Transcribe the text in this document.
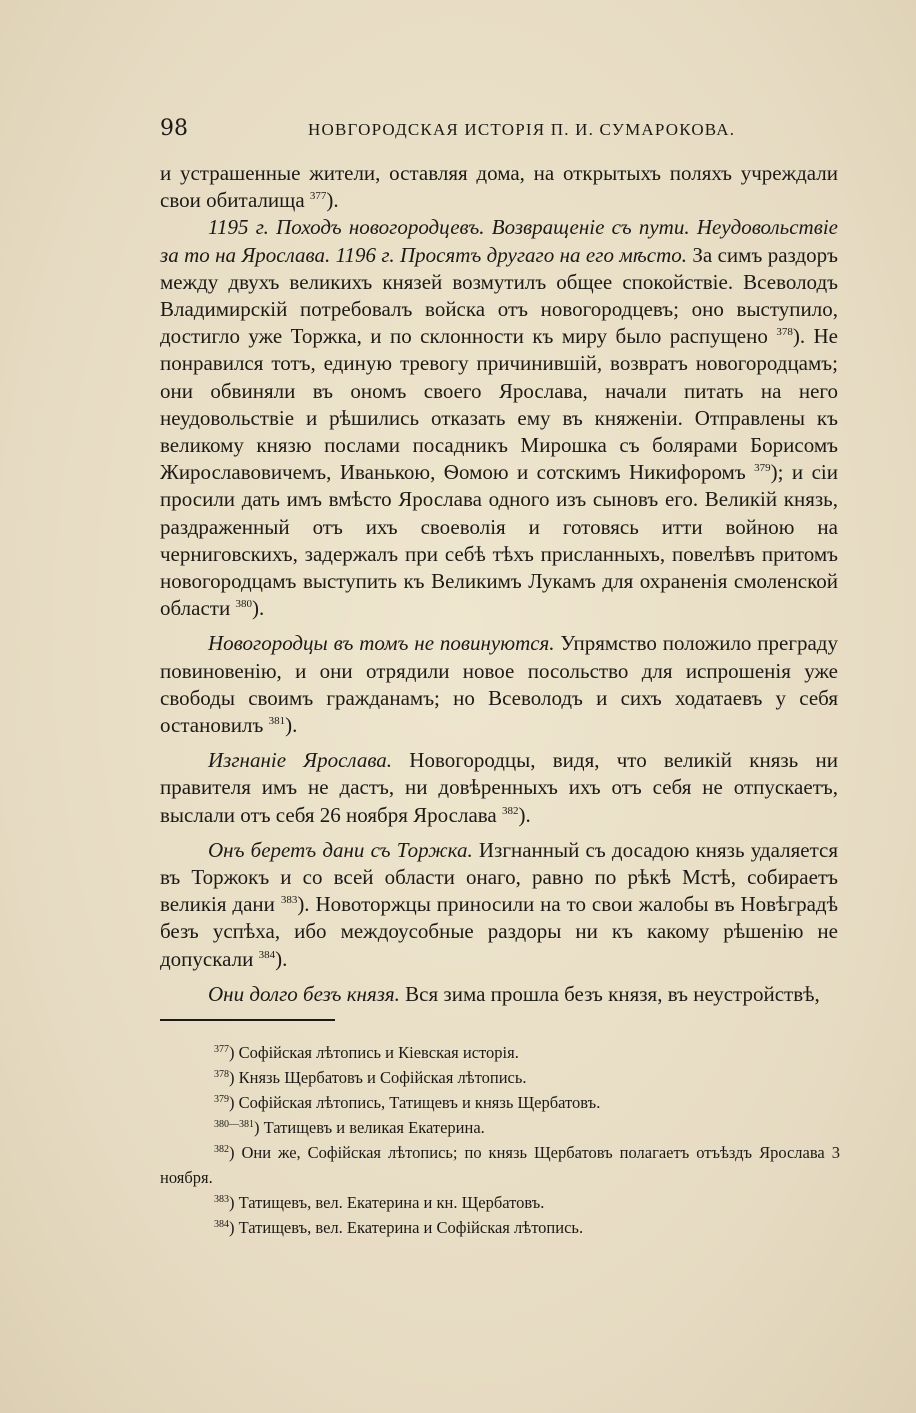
98	НОВГОРОДСКАЯ ИСТОРІЯ П. И. СУМАРОКОВА.

и устрашенные жители, оставляя дома, на открытыхъ поляхъ учреждали свои обиталища $^{377}$).

1195 г. Походъ новогородцевъ. Возвращеніе съ пути. Неудовольствіе за то на Ярослава. 1196 г. Просятъ другаго на его мѣсто. За симъ раздоръ между двухъ великихъ князей возмутилъ общее спокойствіе. Всеволодъ Владимирскій потребовалъ войска отъ новогородцевъ; оно выступило, достигло уже Торжка, и по склонности къ миру было распущено $^{378}$). Не понравился тотъ, единую тревогу причинившій, возвратъ новогородцамъ; они обвиняли въ ономъ своего Ярослава, начали питать на него неудовольствіе и рѣшились отказать ему въ княженіи. Отправлены къ великому князю послами посадникъ Мирошка съ болярами Борисомъ Жирославовичемъ, Иванькою, Ѳомою и сотскимъ Никифоромъ $^{379}$); и сіи просили дать имъ вмѣсто Ярослава одного изъ сыновъ его. Великій князь, раздраженный отъ ихъ своеволія и готовясь итти войною на черниговскихъ, задержалъ при себѣ тѣхъ присланныхъ, повелѣвъ притомъ новогородцамъ выступить къ Великимъ Лукамъ для охраненія смоленской области $^{380}$).

Новогородцы въ томъ не повинуются. Упрямство положило преграду повиновенію, и они отрядили новое посольство для испрошенія уже свободы своимъ гражданамъ; но Всеволодъ и сихъ ходатаевъ у себя остановилъ $^{381}$).

Изгнаніе Ярослава. Новогородцы, видя, что великій князь ни правителя имъ не дастъ, ни довѣренныхъ ихъ отъ себя не отпускаетъ, выслали отъ себя 26 ноября Ярослава $^{382}$).

Онъ беретъ дани съ Торжка. Изгнанный съ досадою князь удаляется въ Торжокъ и со всей области онаго, равно по рѣкѣ Мстѣ, собираетъ великія дани $^{383}$). Новоторжцы приносили на то свои жалобы въ Новѣградѣ безъ успѣха, ибо междоусобные раздоры ни къ какому рѣшенію не допускали $^{384}$).

Они долго безъ князя. Вся зима прошла безъ князя, въ неустройствѣ,

$^{377}$) Софійская лѣтопись и Кіевская исторія.

$^{378}$) Князь Щербатовъ и Софійская лѣтопись.

$^{379}$) Софійская лѣтопись, Татищевъ и князь Щербатовъ.

$^{380—381}$) Татищевъ и великая Екатерина.

$^{382}$) Они же, Софійская лѣтопись; по князь Щербатовъ полагаетъ отъѣздъ Ярослава 3 ноября.

$^{383}$) Татищевъ, вел. Екатерина и кн. Щербатовъ.

$^{384}$) Татищевъ, вел. Екатерина и Софійская лѣтопись.
